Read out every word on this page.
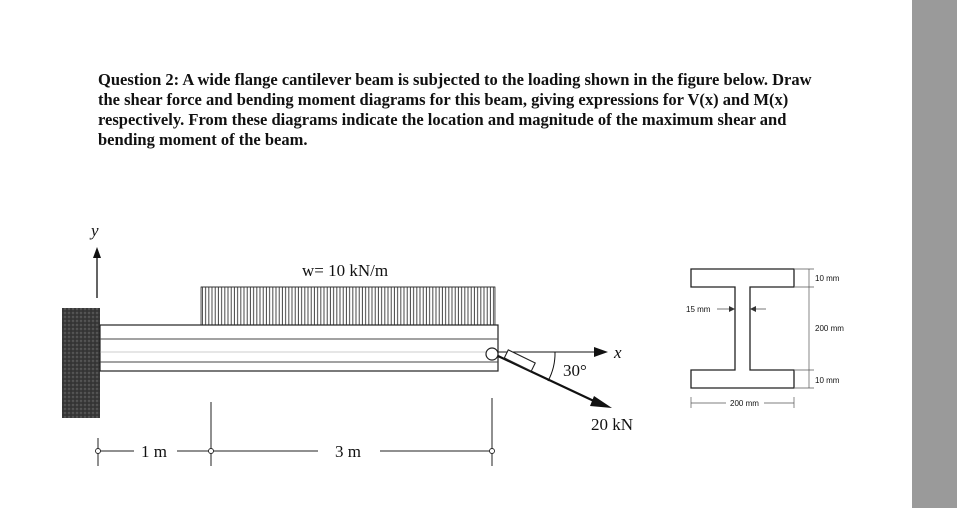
Question 2: A wide flange cantilever beam is subjected to the loading shown in the figure below. Draw the shear force and bending moment diagrams for this beam, giving expressions for V(x) and M(x) respectively. From these diagrams indicate the location and magnitude of the maximum shear and bending moment of the beam.
y
w= 10 kN/m
x
30°
20 kN
1 m	3 m
10 mm
200 mm
10 mm
15 mm
200 mm
